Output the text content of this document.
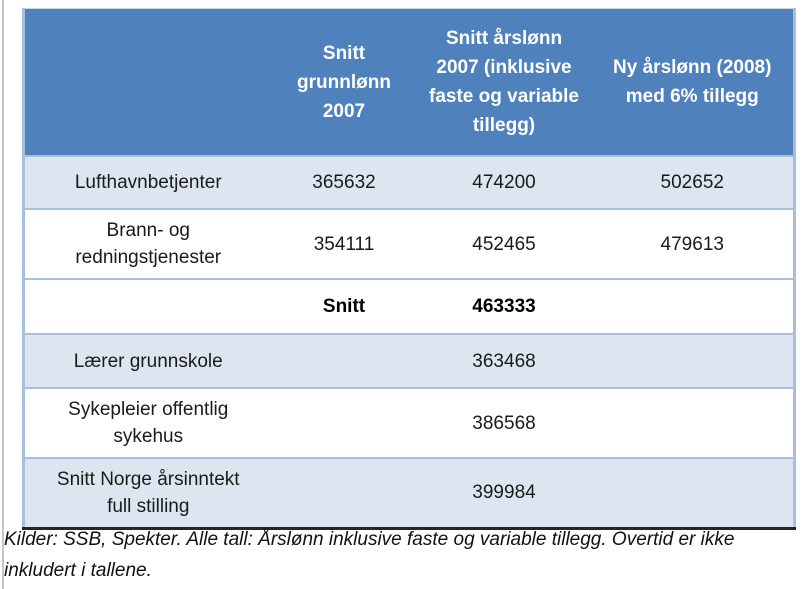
	Snitt grunnlønn 2007	Snitt årslønn 2007 (inklusive faste og variable tillegg)	Ny årslønn (2008) med 6% tillegg
Lufthavnbetjenter	365632	474200	502652
Brann- og redningstjenester	354111	452465	479613
	Snitt	463333	
Lærer grunnskole		363468	
Sykepleier offentlig sykehus		386568	
Snitt Norge årsinntekt full stilling		399984	

Kilder: SSB, Spekter. Alle tall: Årslønn inklusive faste og variable tillegg. Overtid er ikke inkludert i tallene.
